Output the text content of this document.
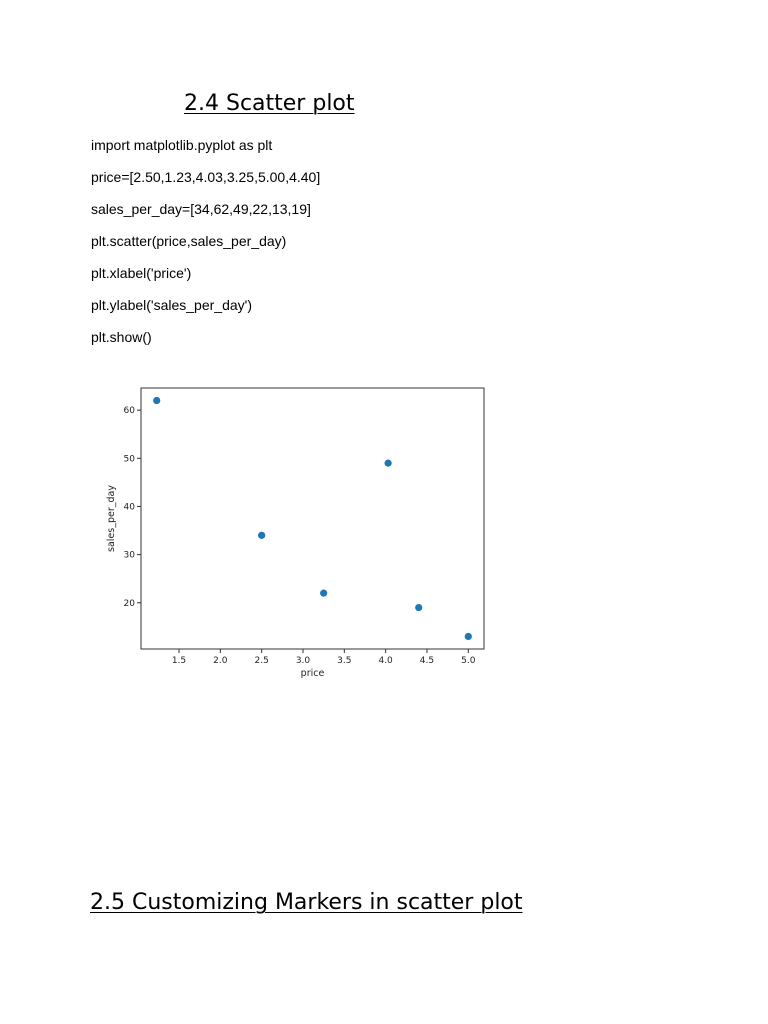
2.4 Scatter plot

import matplotlib.pyplot as plt

price=[2.50,1.23,4.03,3.25,5.00,4.40]

sales_per_day=[34,62,49,22,13,19]

plt.scatter(price,sales_per_day)

plt.xlabel('price')

plt.ylabel('sales_per_day')

plt.show()

1.5	2.0	2.5	3.0	3.5	4.0	4.5	5.0
20
30
40
50
60
price
sales_per_day
2.5 Customizing Markers in scatter plot
